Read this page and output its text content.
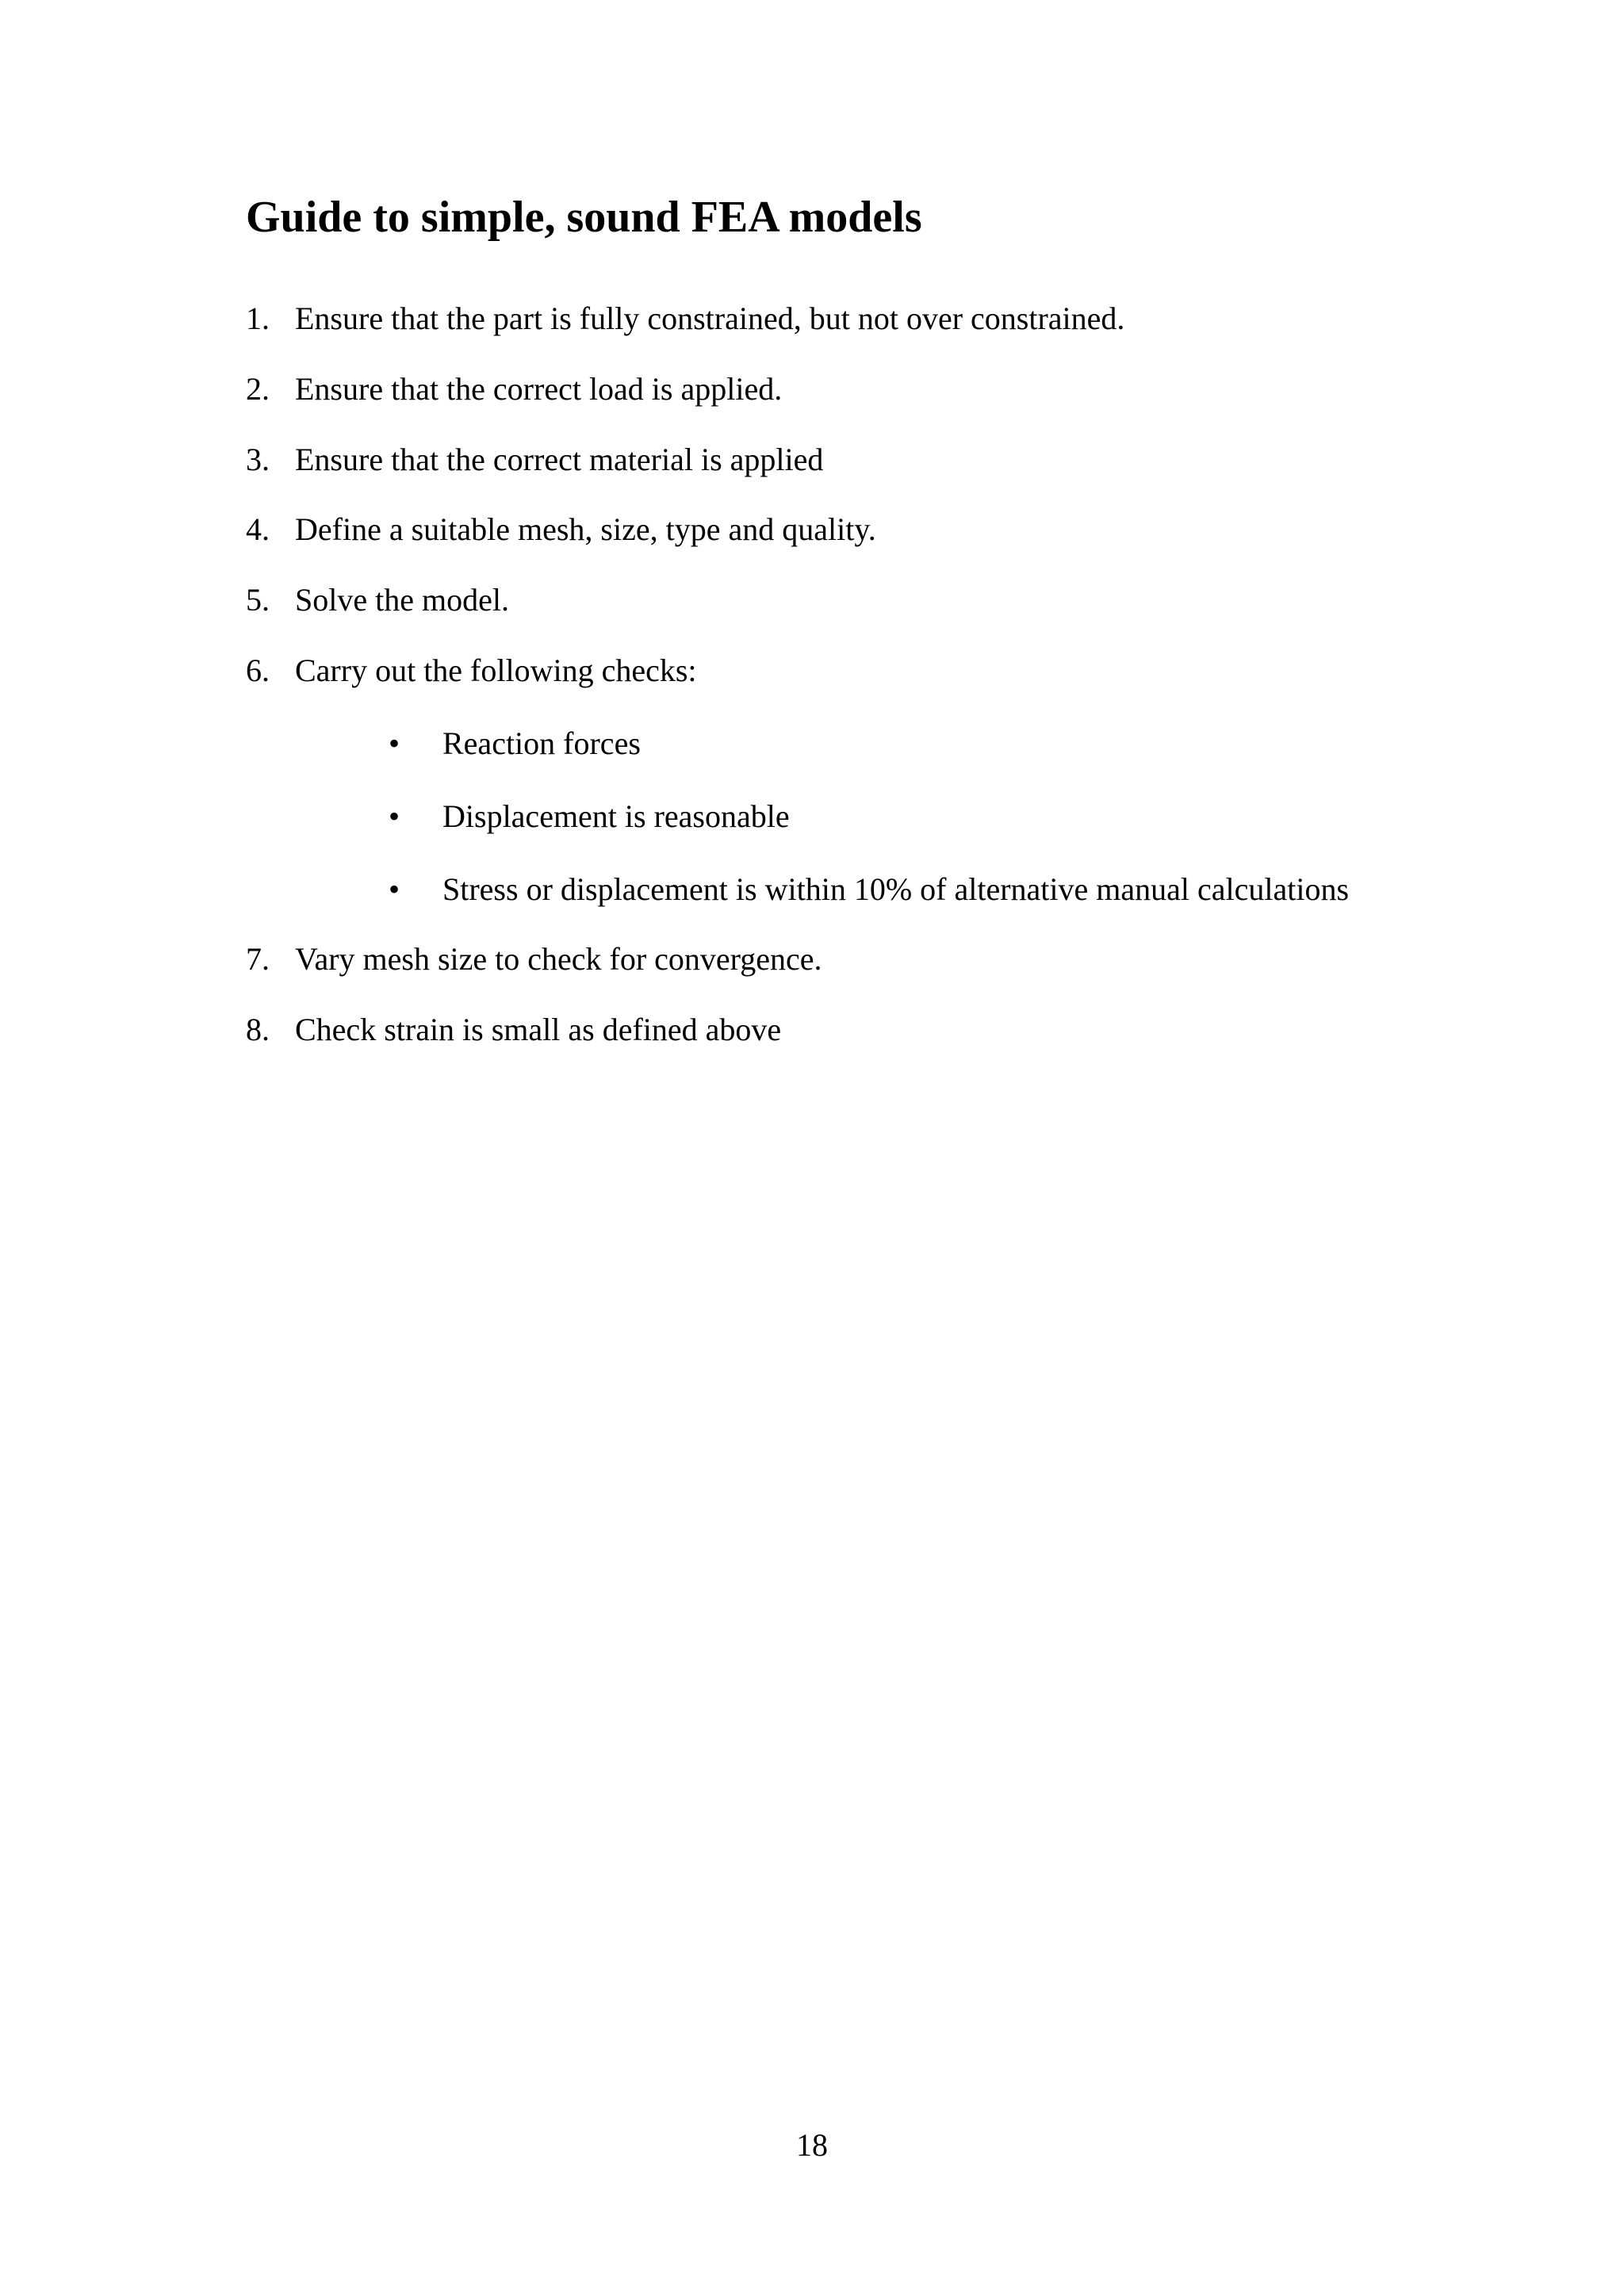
Guide to simple, sound FEA models
1. Ensure that the part is fully constrained, but not over constrained.
2. Ensure that the correct load is applied.
3. Ensure that the correct material is applied
4. Define a suitable mesh, size, type and quality.
5. Solve the model.
6. Carry out the following checks:
• Reaction forces
• Displacement is reasonable
• Stress or displacement is within 10% of alternative manual calculations
7. Vary mesh size to check for convergence.
8. Check strain is small as defined above
18
